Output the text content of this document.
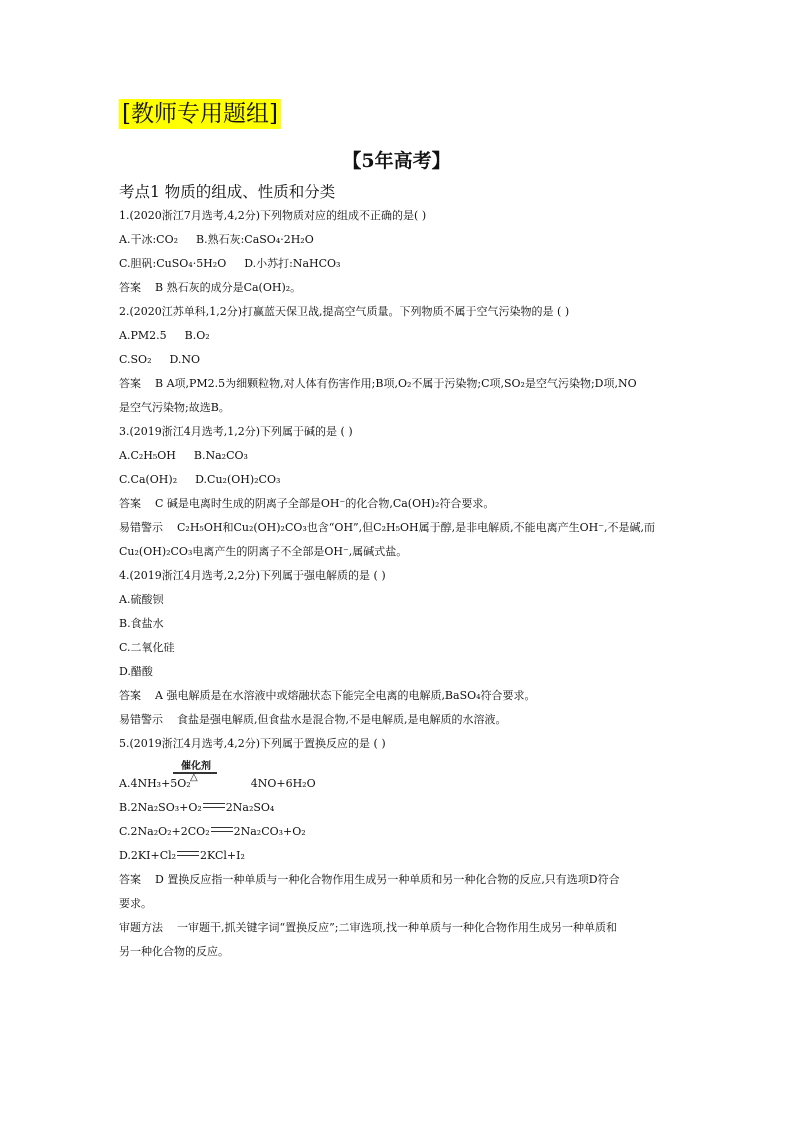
[教师专用题组]
【5年高考】
考点1 物质的组成、性质和分类
1.(2020浙江7月选考,4,2分)下列物质对应的组成不正确的是( )
A.干冰:CO₂ B.熟石灰:CaSO₄·2H₂O
C.胆矾:CuSO₄·5H₂O D.小苏打:NaHCO₃
答案 B 熟石灰的成分是Ca(OH)₂。
2.(2020江苏单科,1,2分)打赢蓝天保卫战,提高空气质量。下列物质不属于空气污染物的是 ( )
A.PM2.5 B.O₂
C.SO₂ D.NO
答案 B A项,PM2.5为细颗粒物,对人体有伤害作用;B项,O₂不属于污染物;C项,SO₂是空气污染物;D项,NO
是空气污染物;故选B。
3.(2019浙江4月选考,1,2分)下列属于碱的是 ( )
A.C₂H₅OH B.Na₂CO₃
C.Ca(OH)₂ D.Cu₂(OH)₂CO₃
答案 C 碱是电离时生成的阴离子全部是OH⁻的化合物,Ca(OH)₂符合要求。
易错警示 C₂H₅OH和Cu₂(OH)₂CO₃也含“OH”,但C₂H₅OH属于醇,是非电解质,不能电离产生OH⁻,不是碱,而
Cu₂(OH)₂CO₃电离产生的阴离子不全部是OH⁻,属碱式盐。
4.(2019浙江4月选考,2,2分)下列属于强电解质的是 ( )
A.硫酸钡
B.食盐水
C.二氧化硅
D.醋酸
答案 A 强电解质是在水溶液中或熔融状态下能完全电离的电解质,BaSO₄符合要求。
易错警示 食盐是强电解质,但食盐水是混合物,不是电解质,是电解质的水溶液。
5.(2019浙江4月选考,4,2分)下列属于置换反应的是 ( )
催化剂
△
A.4NH₃+5O₂	4NO+6H₂O
B.2Na₂SO₃+O₂ 2Na₂SO₄
C.2Na₂O₂+2CO₂ 2Na₂CO₃+O₂
D.2KI+Cl₂ 2KCl+I₂
答案 D 置换反应指一种单质与一种化合物作用生成另一种单质和另一种化合物的反应,只有选项D符合
要求。
审题方法 一审题干,抓关键字词“置换反应”;二审选项,找一种单质与一种化合物作用生成另一种单质和
另一种化合物的反应。
